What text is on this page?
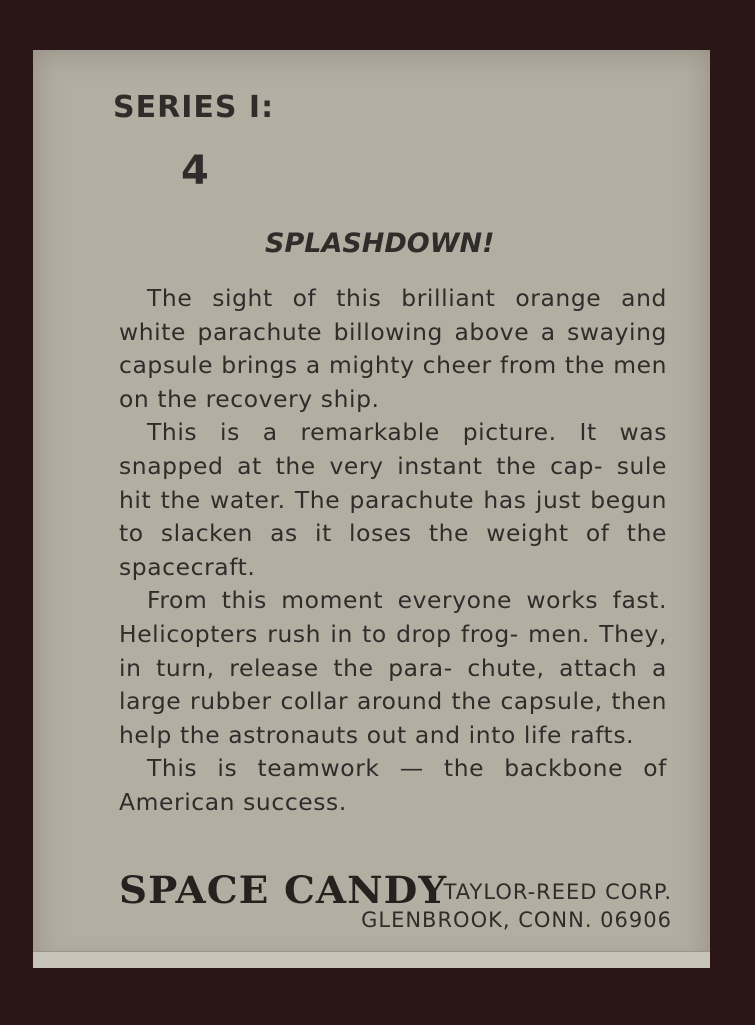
SERIES I:
4
SPLASHDOWN!

The sight of this brilliant orange and white parachute billowing above a swaying capsule brings a mighty cheer from the men on the recovery ship.

This is a remarkable picture. It was snapped at the very instant the cap- sule hit the water. The parachute has just begun to slacken as it loses the weight of the spacecraft.

From this moment everyone works fast. Helicopters rush in to drop frog- men. They, in turn, release the para- chute, attach a large rubber collar around the capsule, then help the astronauts out and into life rafts.

This is teamwork — the backbone of American success.

SPACE CANDY
TAYLOR-REED CORP.
GLENBROOK, CONN. 06906
